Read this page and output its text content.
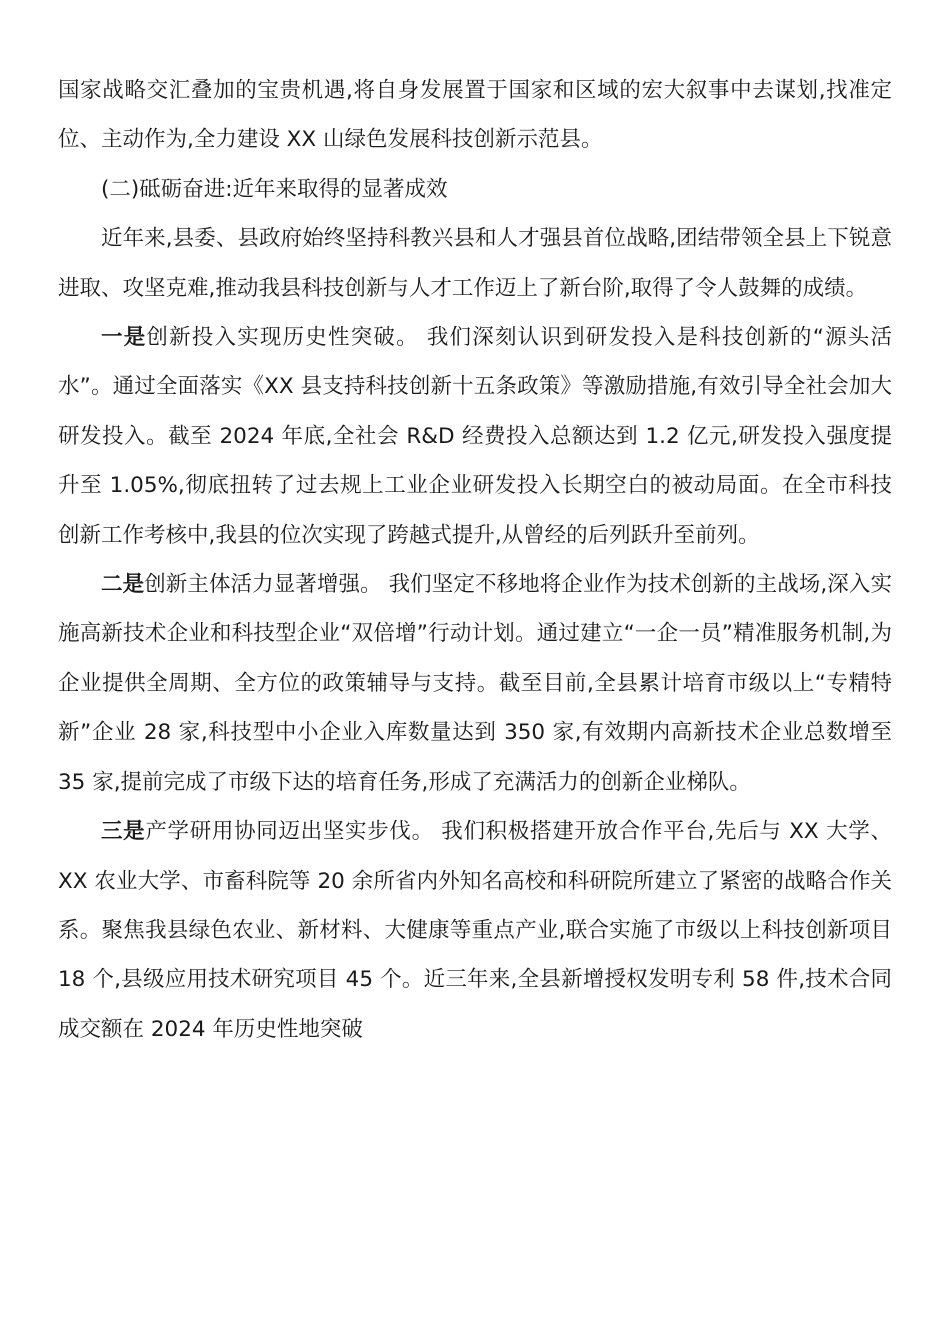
国家战略交汇叠加的宝贵机遇,将自身发展置于国家和区域的宏大叙事中去谋划,找准定位、主动作为,全力建设 XX 山绿色发展科技创新示范县。

(二)砥砺奋进:近年来取得的显著成效

近年来,县委、县政府始终坚持科教兴县和人才强县首位战略,团结带领全县上下锐意进取、攻坚克难,推动我县科技创新与人才工作迈上了新台阶,取得了令人鼓舞的成绩。

一是创新投入实现历史性突破。 我们深刻认识到研发投入是科技创新的“源头活水”。通过全面落实《XX 县支持科技创新十五条政策》等激励措施,有效引导全社会加大研发投入。截至 2024 年底,全社会 R&D 经费投入总额达到 1.2 亿元,研发投入强度提升至 1.05%,彻底扭转了过去规上工业企业研发投入长期空白的被动局面。在全市科技创新工作考核中,我县的位次实现了跨越式提升,从曾经的后列跃升至前列。

二是创新主体活力显著增强。 我们坚定不移地将企业作为技术创新的主战场,深入实施高新技术企业和科技型企业“双倍增”行动计划。通过建立“一企一员”精准服务机制,为企业提供全周期、全方位的政策辅导与支持。截至目前,全县累计培育市级以上“专精特新”企业 28 家,科技型中小企业入库数量达到 350 家,有效期内高新技术企业总数增至 35 家,提前完成了市级下达的培育任务,形成了充满活力的创新企业梯队。

三是产学研用协同迈出坚实步伐。 我们积极搭建开放合作平台,先后与 XX 大学、XX 农业大学、市畜科院等 20 余所省内外知名高校和科研院所建立了紧密的战略合作关系。聚焦我县绿色农业、新材料、大健康等重点产业,联合实施了市级以上科技创新项目 18 个,县级应用技术研究项目 45 个。近三年来,全县新增授权发明专利 58 件,技术合同成交额在 2024 年历史性地突破
